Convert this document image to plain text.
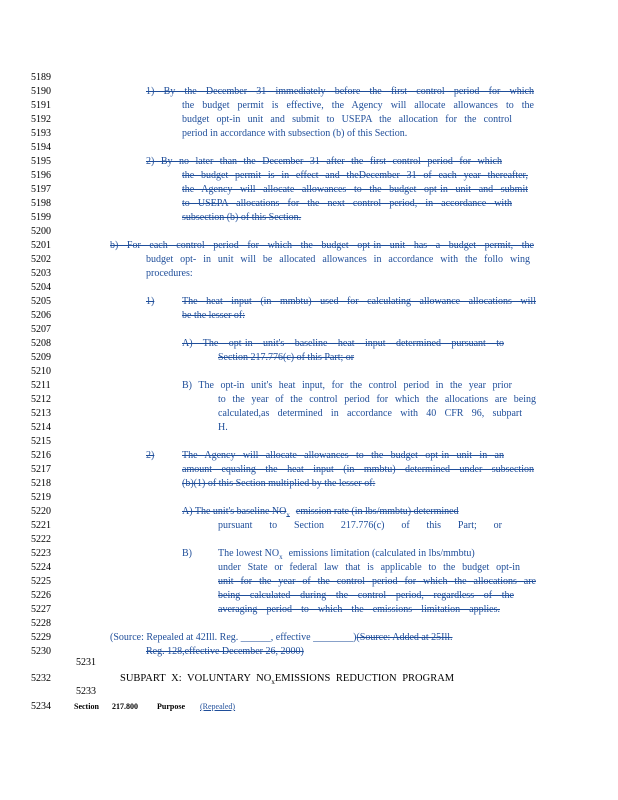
5189
5190
5191
5192
5193
5194
5195
5196
5197
5198
5199
5200
5201
5202
5203
5204
5205
5206
5207
5208
5209
5210
5211
5212
5213
5214
5215
5216
5217
5218
5219
5220
5221
5222
5223
5224
5225
5226
5227
5228
5229
5230
5231
5232
5233
5234
1) By the December 31 immediately before the first control period for which
the budget permit is effective, the Agency will allocate allowances to the
budget opt-in unit and submit to USEPA the allocation for the control
period in accordance with subsection (b) of this Section.
2) By no later than the December 31 after the first control period for which
the budget permit is in effect and theDecember 31 of each year thereafter,
the Agency will allocate allowances to the budget opt-in unit and submit
to USEPA allocations for the next control period, in accordance with
subsection (b) of this Section.
b) For each control period for which the budget opt-in unit has a budget permit, the
budget opt- in unit will be allocated allowances in accordance with the follo wing
procedures:
1)	The heat input (in mmbtu) used for calculating allowance allocations will
be the lesser of:
A) The opt-in unit's baseline heat input determined pursuant to
Section 217.776(c) of this Part; or
B) The opt-in unit's heat input, for the control period in the year prior
to the year of the control period for which the allocations are being
calculated,as determined in accordance with 40 CFR 96, subpart
H.
2)	The Agency will allocate allowances to the budget opt-in unit in an
amount equaling the heat input (in mmbtu) determined under subsection
(b)(1) of this Section multiplied by the lesser of:
A) The unit's baseline $NO_x$ emission rate (in lbs/mmbtu) determined
pursuant to Section 217.776(c) of this Part; or
B)	The lowest $NO_x$ emissions limitation (calculated in lbs/mmbtu)
under State or federal law that is applicable to the budget opt-in
unit for the year of the control period for which the allocations are
being calculated during the control period, regardless of the
averaging period to which the emissions limitation applies.
(Source: Repealed at 42Ill. Reg. ______, effective ________)(Source: Added at 25Ill.
Reg. 128,effective December 26, 2000)
SUBPART X: VOLUNTARY $NO_xEMISSIONS$ REDUCTION PROGRAM
Section 217.800 Purpose (Repealed)
